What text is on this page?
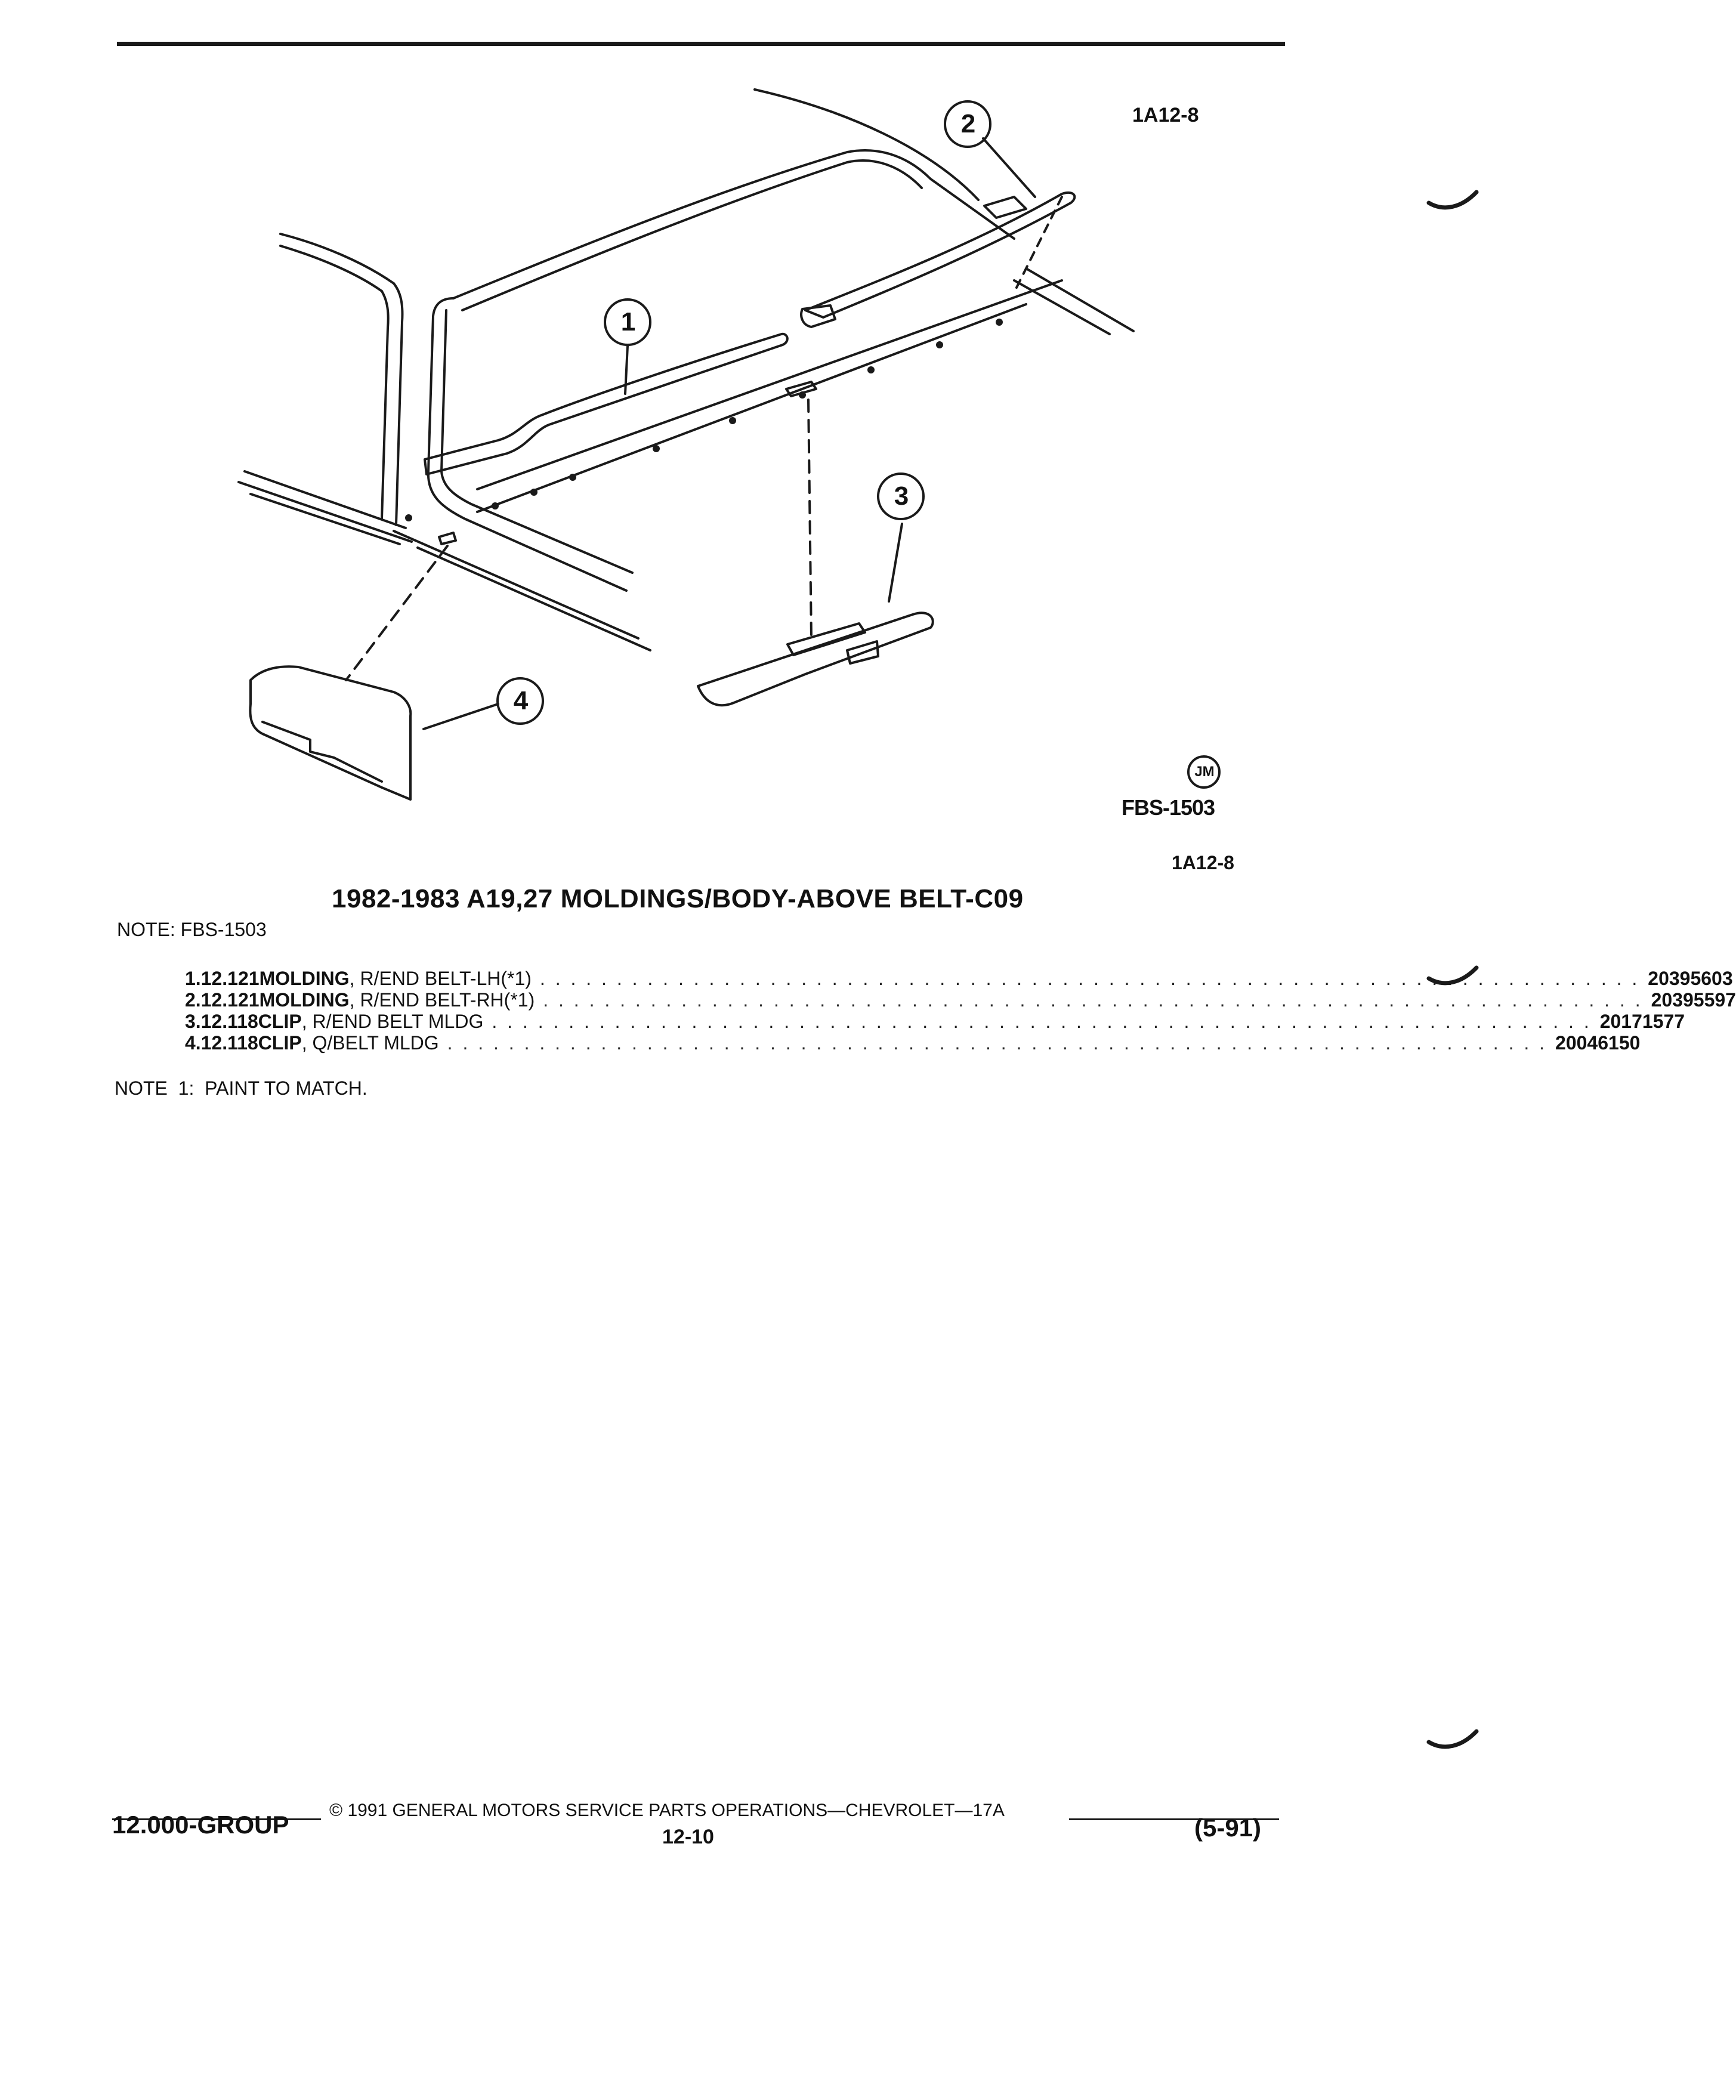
1A12-8
1
2
3
4
JM
FBS-1503
1A12-8
1982-1983 A19,27 MOLDINGS/BODY-ABOVE BELT-C09
NOTE: FBS-1503
1. 12.121 MOLDING , R/END BELT-LH(*1) . . . . . . . . . . . . . . . . . . . . . . . . . . . . . . . . . . . . . . . . . . . . . . . . . . . . . . . . . . . . . . . . . . . . . . . . 20395603
2. 12.121 MOLDING , R/END BELT-RH(*1) . . . . . . . . . . . . . . . . . . . . . . . . . . . . . . . . . . . . . . . . . . . . . . . . . . . . . . . . . . . . . . . . . . . . . . . . 20395597
3. 12.118 CLIP , R/END BELT MLDG . . . . . . . . . . . . . . . . . . . . . . . . . . . . . . . . . . . . . . . . . . . . . . . . . . . . . . . . . . . . . . . . . . . . . . . . 20171577
4. 12.118 CLIP , Q/BELT MLDG . . . . . . . . . . . . . . . . . . . . . . . . . . . . . . . . . . . . . . . . . . . . . . . . . . . . . . . . . . . . . . . . . . . . . . . . 20046150
NOTE  1:  PAINT TO MATCH.
© 1991 GENERAL MOTORS SERVICE PARTS OPERATIONS—CHEVROLET—17A
12.000-GROUP	12-10	(5-91)
